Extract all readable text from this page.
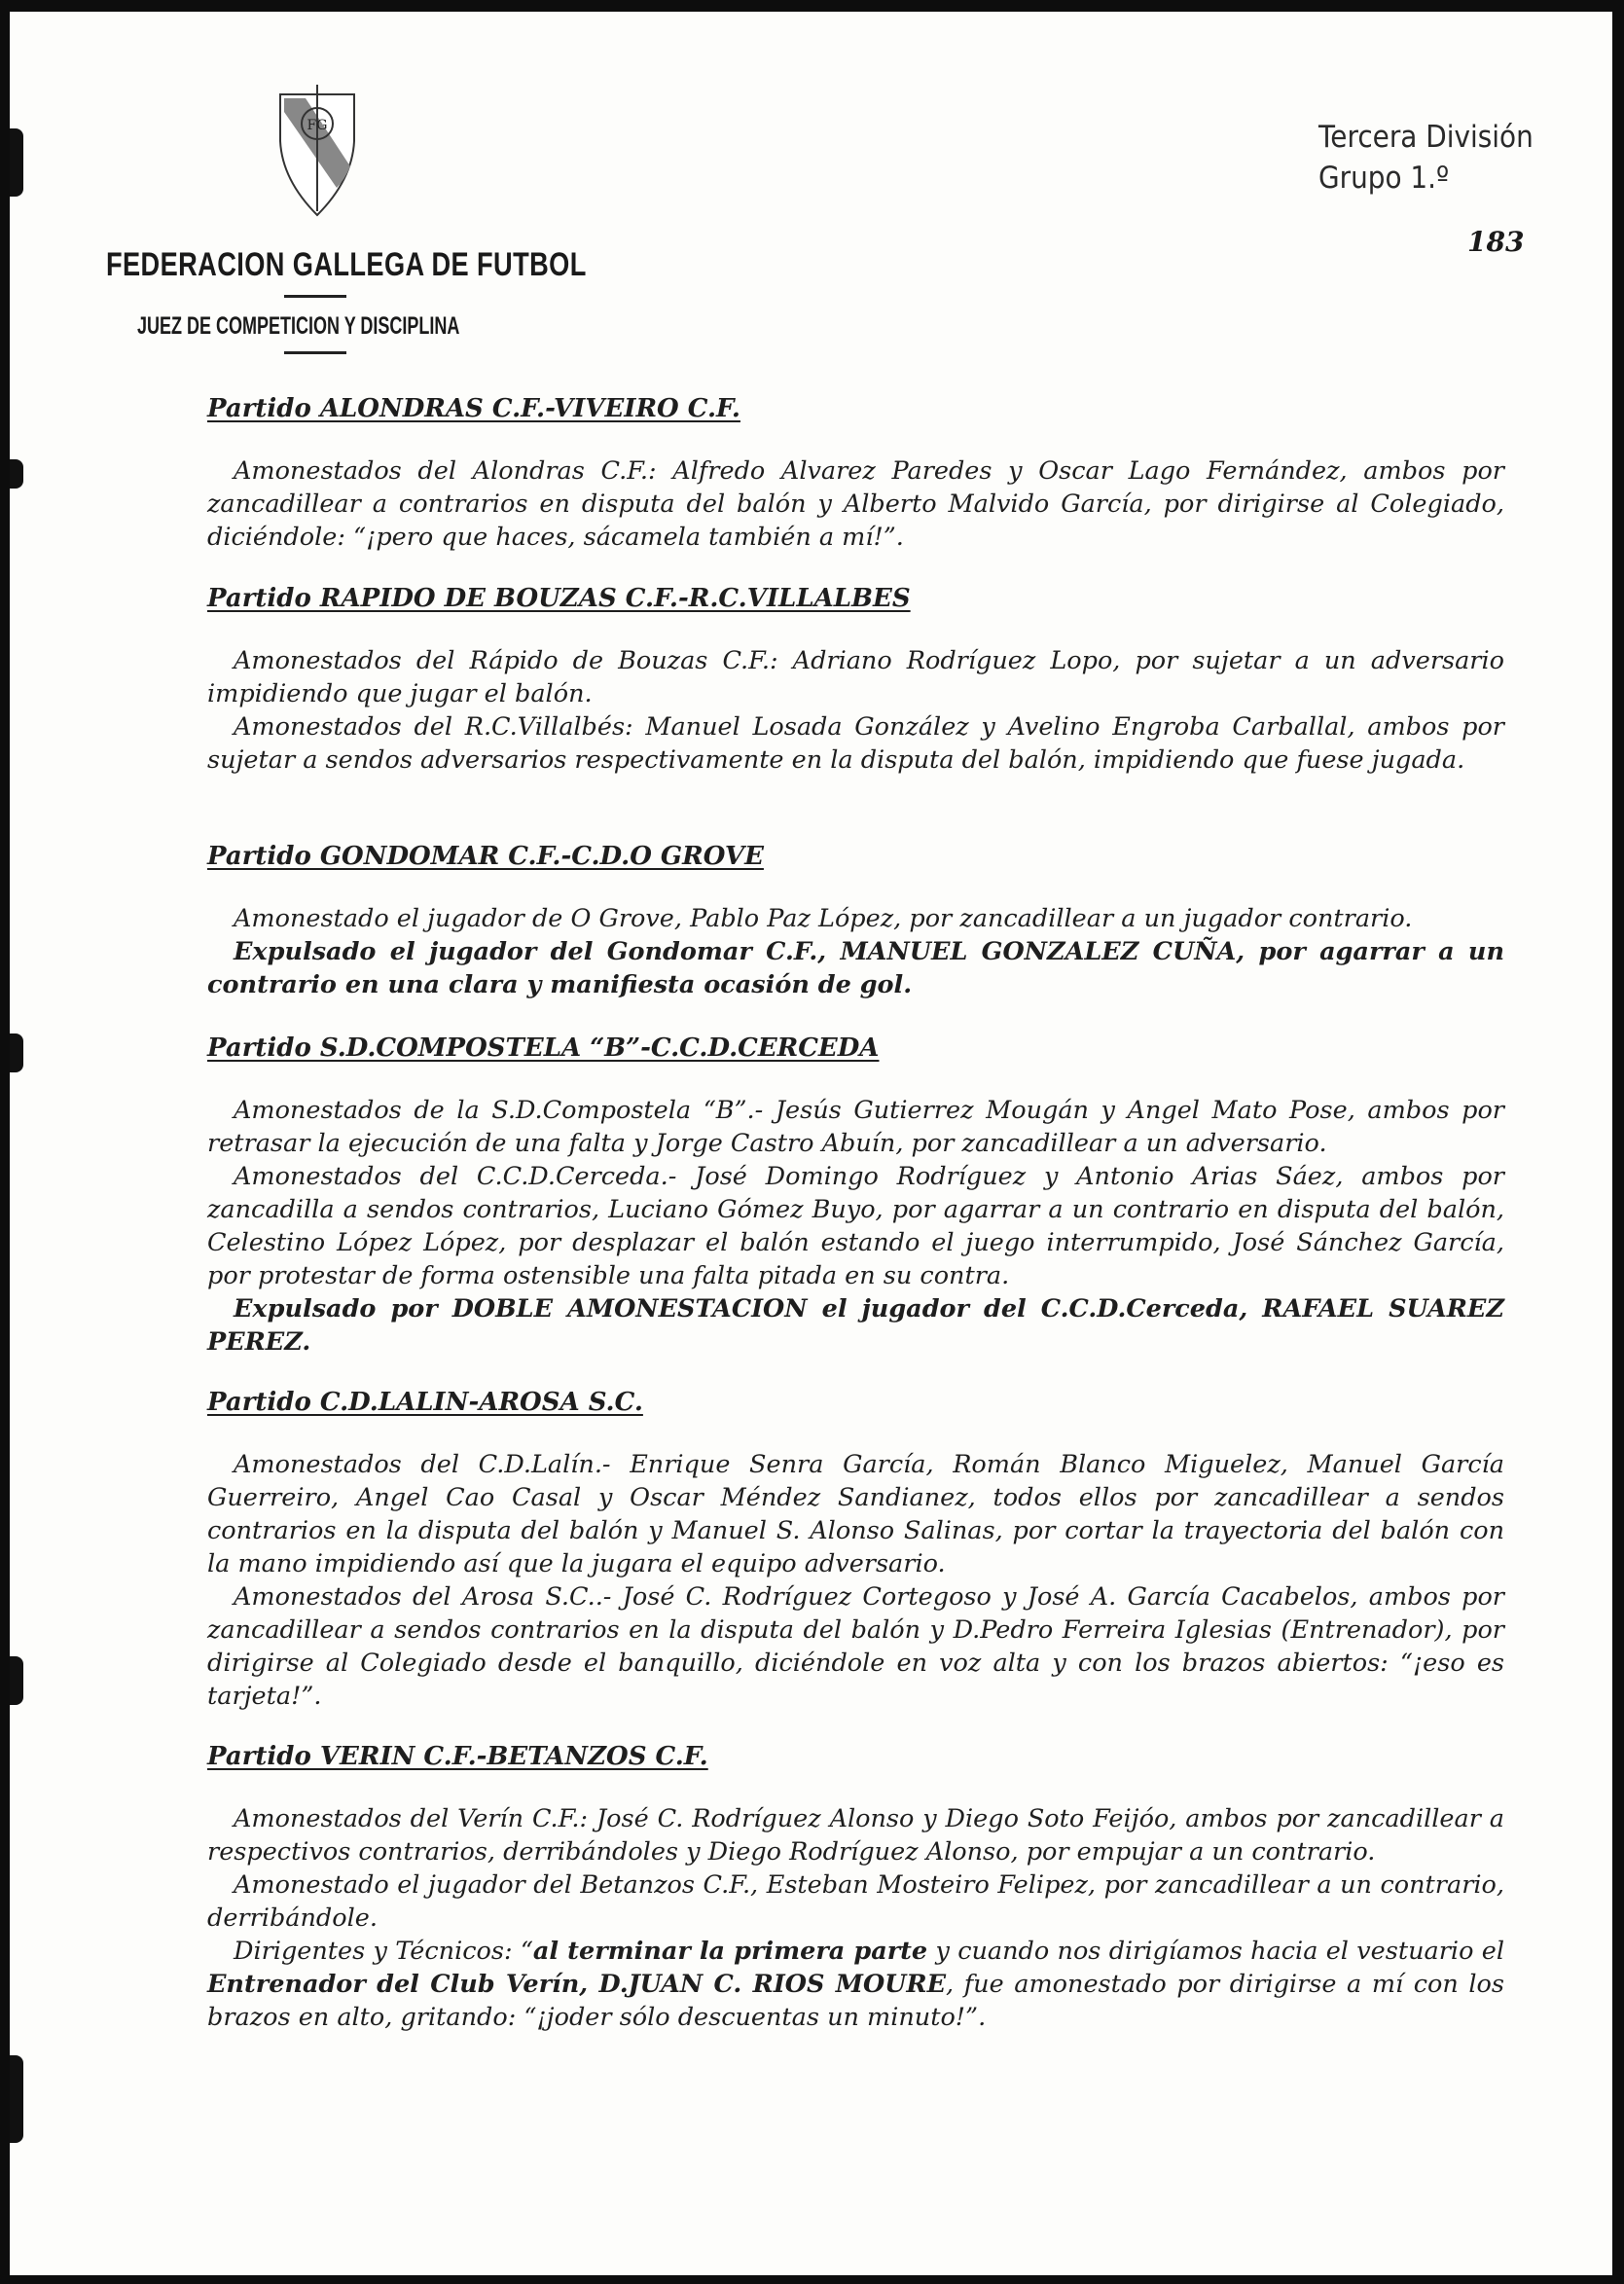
FG
FEDERACION GALLEGA DE FUTBOL
JUEZ DE COMPETICION Y DISCIPLINA
Tercera División
Grupo 1.º
183

Partido ALONDRAS C.F.-VIVEIRO C.F.

Amonestados del Alondras C.F.: Alfredo Alvarez Paredes y Oscar Lago Fernández, ambos por zancadillear a contrarios en disputa del balón y Alberto Malvido García, por dirigirse al Colegiado, diciéndole: “¡pero que haces, sácamela también a mí!”.

Partido RAPIDO DE BOUZAS C.F.-R.C.VILLALBES

Amonestados del Rápido de Bouzas C.F.: Adriano Rodríguez Lopo, por sujetar a un adversario impidiendo que jugar el balón.

Amonestados del R.C.Villalbés: Manuel Losada González y Avelino Engroba Carballal, ambos por sujetar a sendos adversarios respectivamente en la disputa del balón, impidiendo que fuese jugada.

Partido GONDOMAR C.F.-C.D.O GROVE

Amonestado el jugador de O Grove, Pablo Paz López, por zancadillear a un jugador contrario.

Expulsado el jugador del Gondomar C.F., MANUEL GONZALEZ CUÑA, por agarrar a un contrario en una clara y manifiesta ocasión de gol.

Partido S.D.COMPOSTELA “B”-C.C.D.CERCEDA

Amonestados de la S.D.Compostela “B”.- Jesús Gutierrez Mougán y Angel Mato Pose, ambos por retrasar la ejecución de una falta y Jorge Castro Abuín, por zancadillear a un adversario.

Amonestados del C.C.D.Cerceda.- José Domingo Rodríguez y Antonio Arias Sáez, ambos por zancadilla a sendos contrarios, Luciano Gómez Buyo, por agarrar a un contrario en disputa del balón, Celestino López López, por desplazar el balón estando el juego interrumpido, José Sánchez García, por protestar de forma ostensible una falta pitada en su contra.

Expulsado por DOBLE AMONESTACION el jugador del C.C.D.Cerceda, RAFAEL SUAREZ PEREZ.

Partido C.D.LALIN-AROSA S.C.

Amonestados del C.D.Lalín.- Enrique Senra García, Román Blanco Miguelez, Manuel García Guerreiro, Angel Cao Casal y Oscar Méndez Sandianez, todos ellos por zancadillear a sendos contrarios en la disputa del balón y Manuel S. Alonso Salinas, por cortar la trayectoria del balón con la mano impidiendo así que la jugara el equipo adversario.

Amonestados del Arosa S.C..- José C. Rodríguez Cortegoso y José A. García Cacabelos, ambos por zancadillear a sendos contrarios en la disputa del balón y D.Pedro Ferreira Iglesias (Entrenador), por dirigirse al Colegiado desde el banquillo, diciéndole en voz alta y con los brazos abiertos: “¡eso es tarjeta!”.

Partido VERIN C.F.-BETANZOS C.F.

Amonestados del Verín C.F.: José C. Rodríguez Alonso y Diego Soto Feijóo, ambos por zancadillear a respectivos contrarios, derribándoles y Diego Rodríguez Alonso, por empujar a un contrario.

Amonestado el jugador del Betanzos C.F., Esteban Mosteiro Felipez, por zancadillear a un contrario, derribándole.

Dirigentes y Técnicos: “al terminar la primera parte y cuando nos dirigíamos hacia el vestuario el Entrenador del Club Verín, D.JUAN C. RIOS MOURE, fue amonestado por dirigirse a mí con los brazos en alto, gritando: “¡joder sólo descuentas un minuto!”.
